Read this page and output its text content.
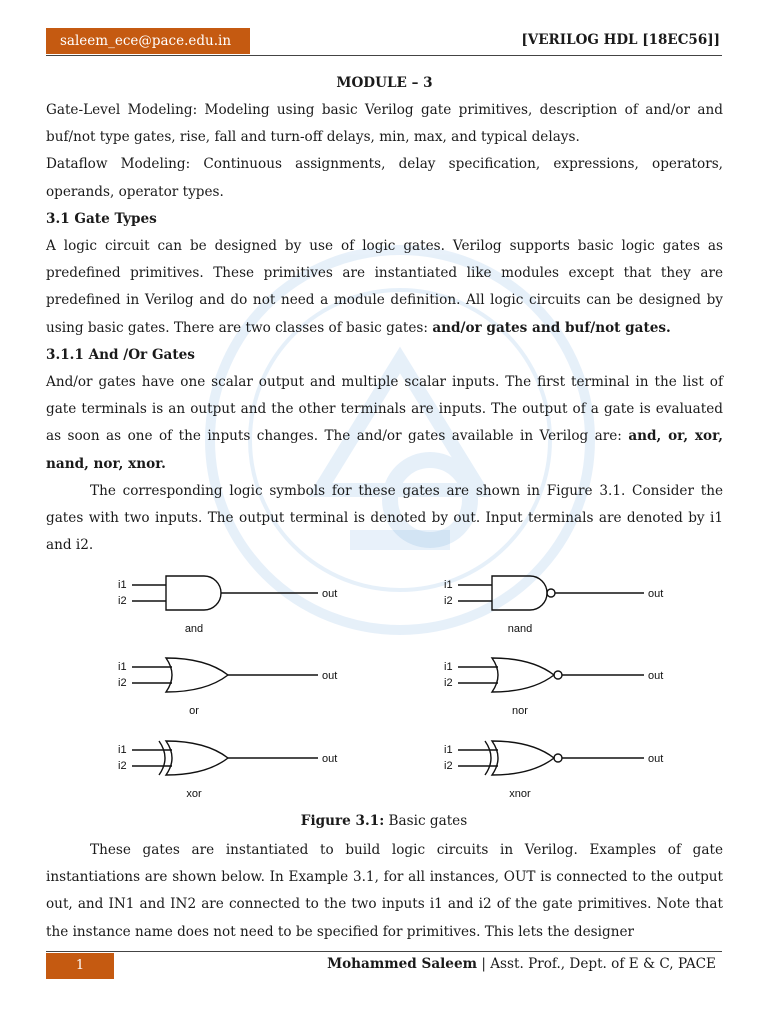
saleem_ece@pace.edu.in	[VERILOG HDL [18EC56]]
MODULE – 3

Gate-Level Modeling: Modeling using basic Verilog gate primitives, description of and/or and buf/not type gates, rise, fall and turn-off delays, min, max, and typical delays.

Dataflow Modeling: Continuous assignments, delay specification, expressions, operators, operands, operator types.

3.1 Gate Types

A logic circuit can be designed by use of logic gates. Verilog supports basic logic gates as predefined primitives. These primitives are instantiated like modules except that they are predefined in Verilog and do not need a module definition. All logic circuits can be designed by using basic gates. There are two classes of basic gates: and/or gates and buf/not gates.

3.1.1 And /Or Gates

And/or gates have one scalar output and multiple scalar inputs. The first terminal in the list of gate terminals is an output and the other terminals are inputs. The output of a gate is evaluated as soon as one of the inputs changes. The and/or gates available in Verilog are: and, or, xor, nand, nor, xnor.

The corresponding logic symbols for these gates are shown in Figure 3.1. Consider the gates with two inputs. The output terminal is denoted by out. Input terminals are denoted by i1 and i2.

i1
i2
out
and
i1
i2
out
nand
i1
i2
out
or
i1
i2
out
nor
i1
i2
out
xor
i1
i2
out
xnor
Figure 3.1: Basic gates

These gates are instantiated to build logic circuits in Verilog. Examples of gate instantiations are shown below. In Example 3.1, for all instances, OUT is connected to the output out, and IN1 and IN2 are connected to the two inputs i1 and i2 of the gate primitives. Note that the instance name does not need to be specified for primitives. This lets the designer

1	Mohammed Saleem | Asst. Prof., Dept. of E & C, PACE
